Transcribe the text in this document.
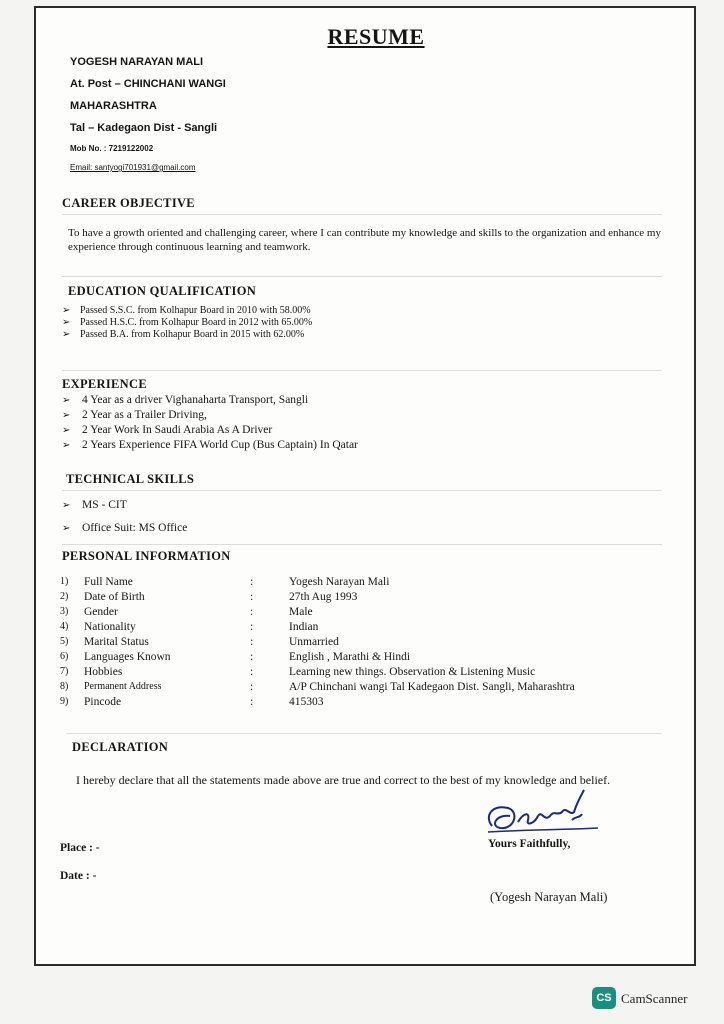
RESUME
YOGESH NARAYAN MALI
At. Post – CHINCHANI WANGI
MAHARASHTRA
Tal – Kadegaon Dist - Sangli
Mob No. : 7219122002
Email: santyogi701931@gmail.com
CAREER OBJECTIVE
To have a growth oriented and challenging career, where I can contribute my knowledge and skills to the organization and enhance my experience through continuous learning and teamwork.
EDUCATION QUALIFICATION
➢ Passed S.S.C. from Kolhapur Board in 2010 with 58.00%
➢ Passed H.S.C. from Kolhapur Board in 2012 with 65.00%
➢ Passed B.A. from Kolhapur Board in 2015 with 62.00%
EXPERIENCE
➢ 4 Year as a driver Vighanaharta Transport, Sangli
➢ 2 Year as a Trailer Driving,
➢ 2 Year Work In Saudi Arabia As A Driver
➢ 2 Years Experience FIFA World Cup (Bus Captain) In Qatar
TECHNICAL SKILLS
➢ MS - CIT
➢ Office Suit: MS Office
PERSONAL INFORMATION
1)	Full Name	:	Yogesh Narayan Mali
2)	Date of Birth	:	27th Aug 1993
3)	Gender	:	Male
4)	Nationality	:	Indian
5)	Marital Status	:	Unmarried
6)	Languages Known	:	English , Marathi & Hindi
7)	Hobbies	:	Learning new things. Observation & Listening Music
8)	Permanent Address	:	A/P Chinchani wangi Tal Kadegaon Dist. Sangli, Maharashtra
9)	Pincode	:	415303
DECLARATION
I hereby declare that all the statements made above are true and correct to the best of my knowledge and belief.
Yours Faithfully,
Place : -
Date : -
(Yogesh Narayan Mali)
CS CamScanner
